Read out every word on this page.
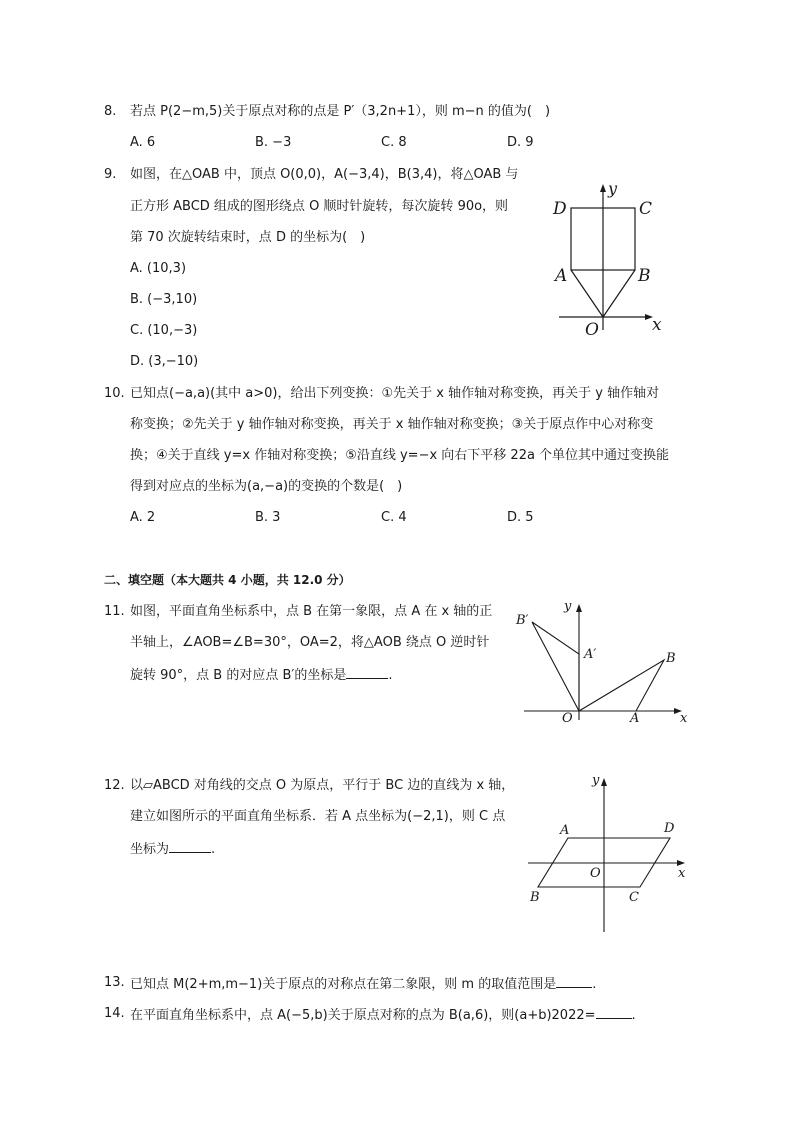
8. 若点 P(2−m,5)关于原点对称的点是 P′（3,2n+1），则 m−n 的值为(　)
A. 6	B. −3	C. 8	D. 9
9. 如图，在△OAB 中，顶点 O(0,0)，A(−3,4)，B(3,4)，将△OAB 与
正方形 ABCD 组成的图形绕点 O 顺时针旋转，每次旋转 90o，则
第 70 次旋转结束时，点 D 的坐标为(　)
A. (10,3)
B. (−3,10)
C. (10,−3)
D. (3,−10)
D	C
A	B
O	x
y
10. 已知点(−a,a)(其中 a>0)，给出下列变换：①先关于 x 轴作轴对称变换，再关于 y 轴作轴对
称变换；②先关于 y 轴作轴对称变换，再关于 x 轴作轴对称变换；③关于原点作中心对称变
换；④关于直线 y=x 作轴对称变换；⑤沿直线 y=−x 向右下平移 22a 个单位其中通过变换能
得到对应点的坐标为(a,−a)的变换的个数是(　)
A. 2	B. 3	C. 4	D. 5
二、填空题（本大题共 4 小题，共 12.0 分）
11. 如图，平面直角坐标系中，点 B 在第一象限，点 A 在 x 轴的正
半轴上，∠AOB=∠B=30°，OA=2，将△AOB 绕点 O 逆时针
旋转 90°，点 B 的对应点 B′的坐标是	.
B′
A′	B
A
O	x
y
12. 以▱ABCD 对角线的交点 O 为原点，平行于 BC 边的直线为 x 轴，
建立如图所示的平面直角坐标系．若 A 点坐标为(−2,1)，则 C 点
坐标为	.
A	D
B	C
O	x
y
13. 已知点 M(2+m,m−1)关于原点的对称点在第二象限，则 m 的取值范围是	.
14. 在平面直角坐标系中，点 A(−5,b)关于原点对称的点为 B(a,6)，则(a+b)2022=	.
